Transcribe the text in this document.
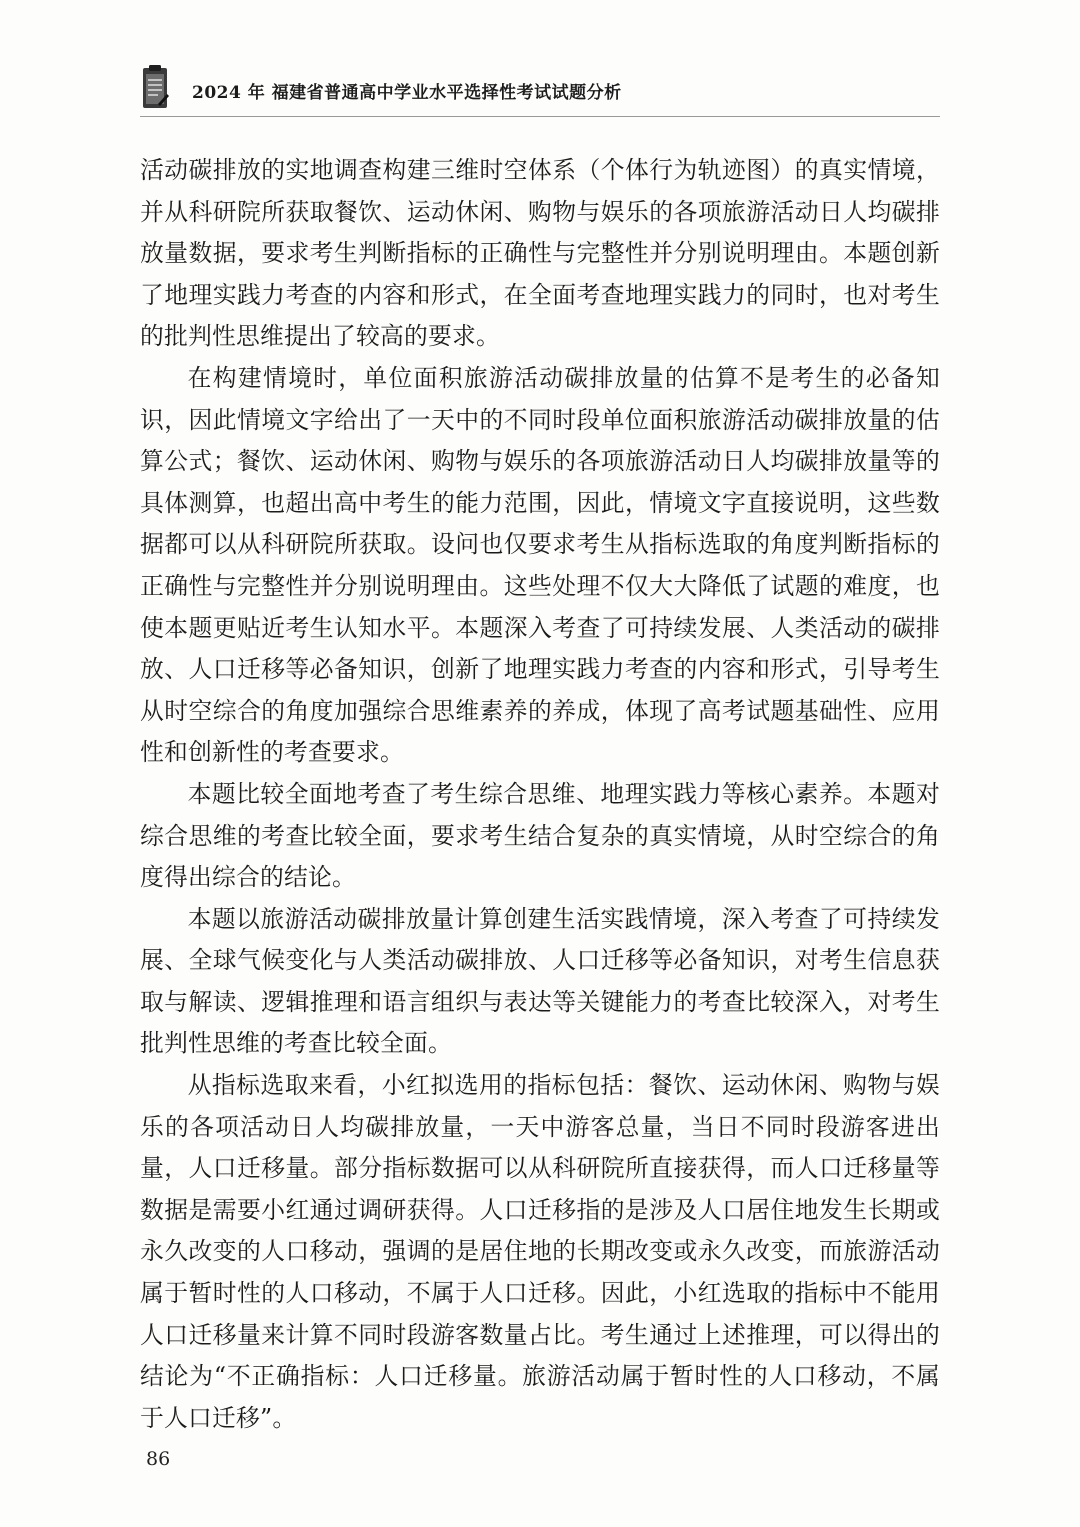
2024 年 福建省普通高中学业水平选择性考试试题分析

活动碳排放的实地调查构建三维时空体系（个体行为轨迹图）的真实情境，并从科研院所获取餐饮、运动休闲、购物与娱乐的各项旅游活动日人均碳排放量数据，要求考生判断指标的正确性与完整性并分别说明理由。本题创新了地理实践力考查的内容和形式，在全面考查地理实践力的同时，也对考生的批判性思维提出了较高的要求。

在构建情境时，单位面积旅游活动碳排放量的估算不是考生的必备知识，因此情境文字给出了一天中的不同时段单位面积旅游活动碳排放量的估算公式；餐饮、运动休闲、购物与娱乐的各项旅游活动日人均碳排放量等的具体测算，也超出高中考生的能力范围，因此，情境文字直接说明，这些数据都可以从科研院所获取。设问也仅要求考生从指标选取的角度判断指标的正确性与完整性并分别说明理由。这些处理不仅大大降低了试题的难度，也使本题更贴近考生认知水平。本题深入考查了可持续发展、人类活动的碳排放、人口迁移等必备知识，创新了地理实践力考查的内容和形式，引导考生从时空综合的角度加强综合思维素养的养成，体现了高考试题基础性、应用性和创新性的考查要求。

本题比较全面地考查了考生综合思维、地理实践力等核心素养。本题对综合思维的考查比较全面，要求考生结合复杂的真实情境，从时空综合的角度得出综合的结论。

本题以旅游活动碳排放量计算创建生活实践情境，深入考查了可持续发展、全球气候变化与人类活动碳排放、人口迁移等必备知识，对考生信息获取与解读、逻辑推理和语言组织与表达等关键能力的考查比较深入，对考生批判性思维的考查比较全面。

从指标选取来看，小红拟选用的指标包括：餐饮、运动休闲、购物与娱乐的各项活动日人均碳排放量，一天中游客总量，当日不同时段游客进出量，人口迁移量。部分指标数据可以从科研院所直接获得，而人口迁移量等数据是需要小红通过调研获得。人口迁移指的是涉及人口居住地发生长期或永久改变的人口移动，强调的是居住地的长期改变或永久改变，而旅游活动属于暂时性的人口移动，不属于人口迁移。因此，小红选取的指标中不能用人口迁移量来计算不同时段游客数量占比。考生通过上述推理，可以得出的结论为“不正确指标：人口迁移量。旅游活动属于暂时性的人口移动，不属于人口迁移”。

86
